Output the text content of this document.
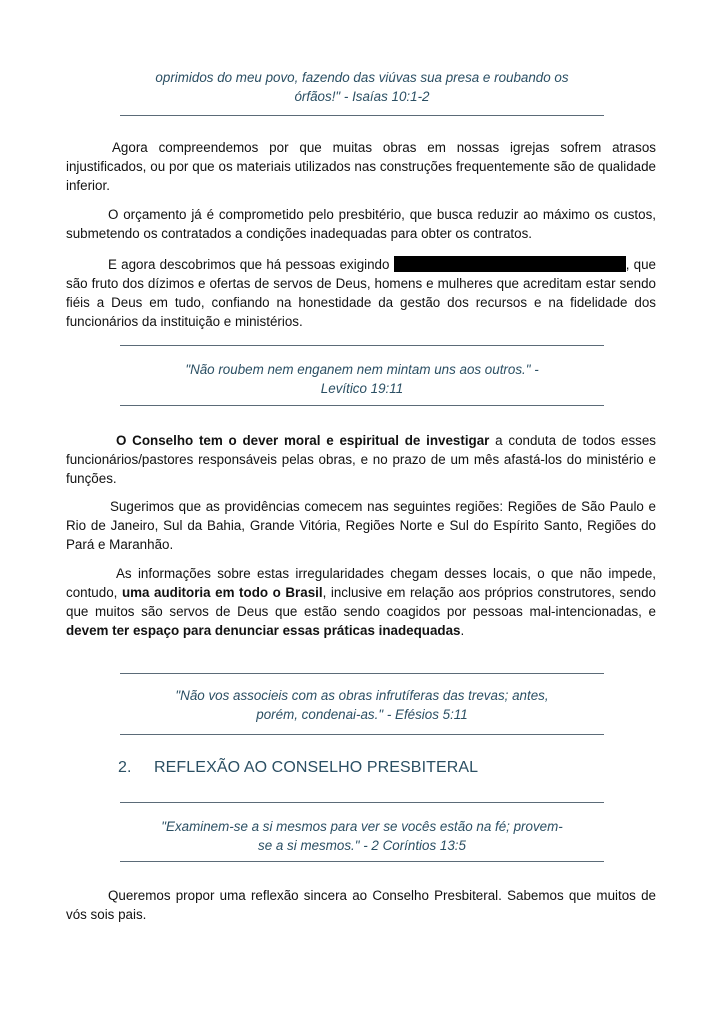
oprimidos do meu povo, fazendo das viúvas sua presa e roubando os
órfãos!" - Isaías 10:1-2

Agora compreendemos por que muitas obras em nossas igrejas sofrem atrasos injustificados, ou por que os materiais utilizados nas construções frequentemente são de qualidade inferior.

O orçamento já é comprometido pelo presbitério, que busca reduzir ao máximo os custos, submetendo os contratados a condições inadequadas para obter os contratos.

E agora descobrimos que há pessoas exigindo	, que são fruto dos dízimos e ofertas de servos de Deus, homens e mulheres que acreditam estar sendo fiéis a Deus em tudo, confiando na honestidade da gestão dos recursos e na fidelidade dos funcionários da instituição e ministérios.

"Não roubem nem enganem nem mintam uns aos outros." -
Levítico 19:11

O Conselho tem o dever moral e espiritual de investigar a conduta de todos esses funcionários/pastores responsáveis pelas obras, e no prazo de um mês afastá-los do ministério e funções.

Sugerimos que as providências comecem nas seguintes regiões: Regiões de São Paulo e Rio de Janeiro, Sul da Bahia, Grande Vitória, Regiões Norte e Sul do Espírito Santo, Regiões do Pará e Maranhão.

As informações sobre estas irregularidades chegam desses locais, o que não impede, contudo, uma auditoria em todo o Brasil, inclusive em relação aos próprios construtores, sendo que muitos são servos de Deus que estão sendo coagidos por pessoas mal-intencionadas, e devem ter espaço para denunciar essas práticas inadequadas.

"Não vos associeis com as obras infrutíferas das trevas; antes,
porém, condenai-as." - Efésios 5:11
2. REFLEXÃO AO CONSELHO PRESBITERAL
"Examinem-se a si mesmos para ver se vocês estão na fé; provem-
se a si mesmos." - 2 Coríntios 13:5

Queremos propor uma reflexão sincera ao Conselho Presbiteral. Sabemos que muitos de vós sois pais.
